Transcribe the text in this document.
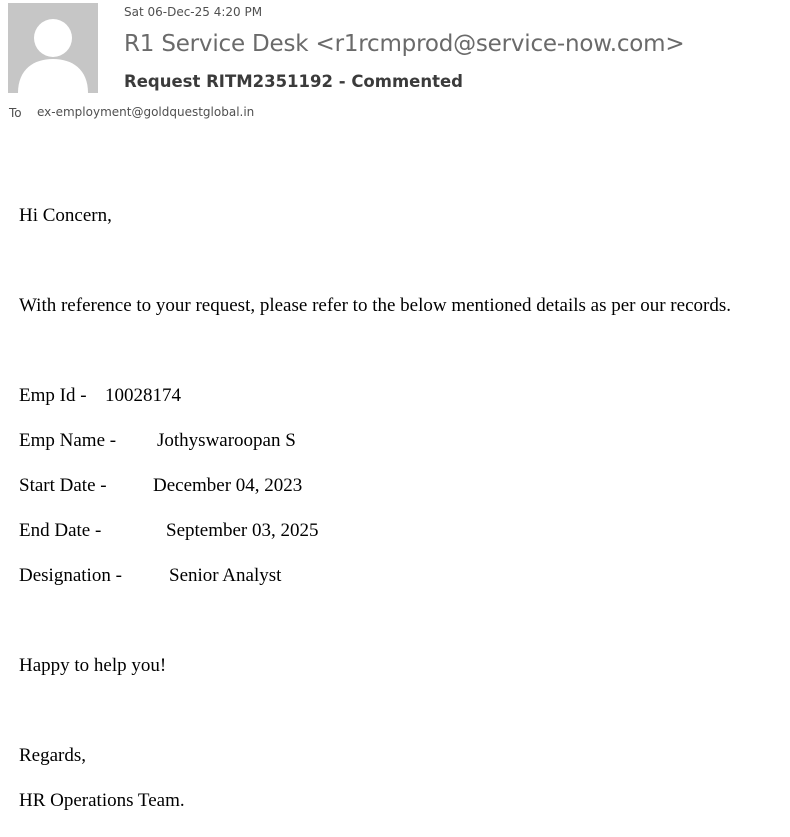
Sat 06-Dec-25 4:20 PM
R1 Service Desk <r1rcmprod@service-now.com>
Request RITM2351192 - Commented
To ex-employment@goldquestglobal.in
Hi Concern,
With reference to your request, please refer to the below mentioned details as per our records.
Emp Id - 10028174
Emp Name - Jothyswaroopan S
Start Date - December 04, 2023
End Date -	September 03, 2025
Designation - Senior Analyst
Happy to help you!
Regards,
HR Operations Team.
